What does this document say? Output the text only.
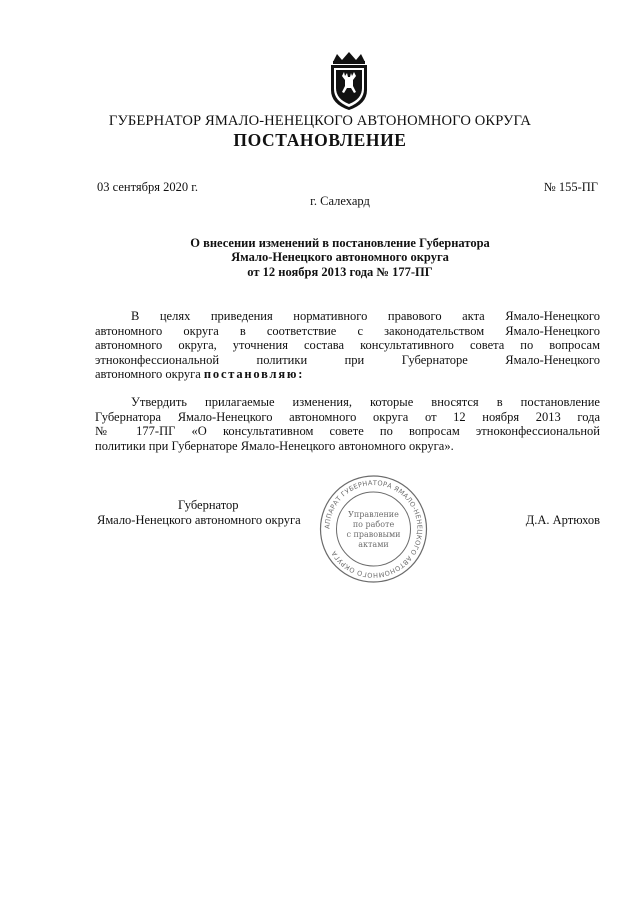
ГУБЕРНАТОР ЯМАЛО-НЕНЕЦКОГО АВТОНОМНОГО ОКРУГА
ПОСТАНОВЛЕНИЕ
03 сентября 2020 г.	№ 155-ПГ
г. Салехард
О внесении изменений в постановление Губернатора
Ямало-Ненецкого автономного округа
от 12 ноября 2013 года № 177-ПГ
В целях приведения нормативного правового акта Ямало-Ненецкого
автономного округа в соответствие с законодательством Ямало-Ненецкого
автономного округа, уточнения состава консультативного совета по вопросам
этноконфессиональной политики при Губернаторе Ямало-Ненецкого
автономного округа постановляю:
Утвердить прилагаемые изменения, которые вносятся в постановление
Губернатора Ямало-Ненецкого автономного округа от 12 ноября 2013 года
№ 177-ПГ «О консультативном совете по вопросам этноконфессиональной
политики при Губернаторе Ямало-Ненецкого автономного округа».
Губернатор
Ямало-Ненецкого автономного округа	Д.А. Артюхов
АППАРАТ ГУБЕРНАТОРА ЯМАЛО-НЕНЕЦКОГО АВТОНОМНОГО ОКРУГА
Управление
по работе
с правовыми
актами
